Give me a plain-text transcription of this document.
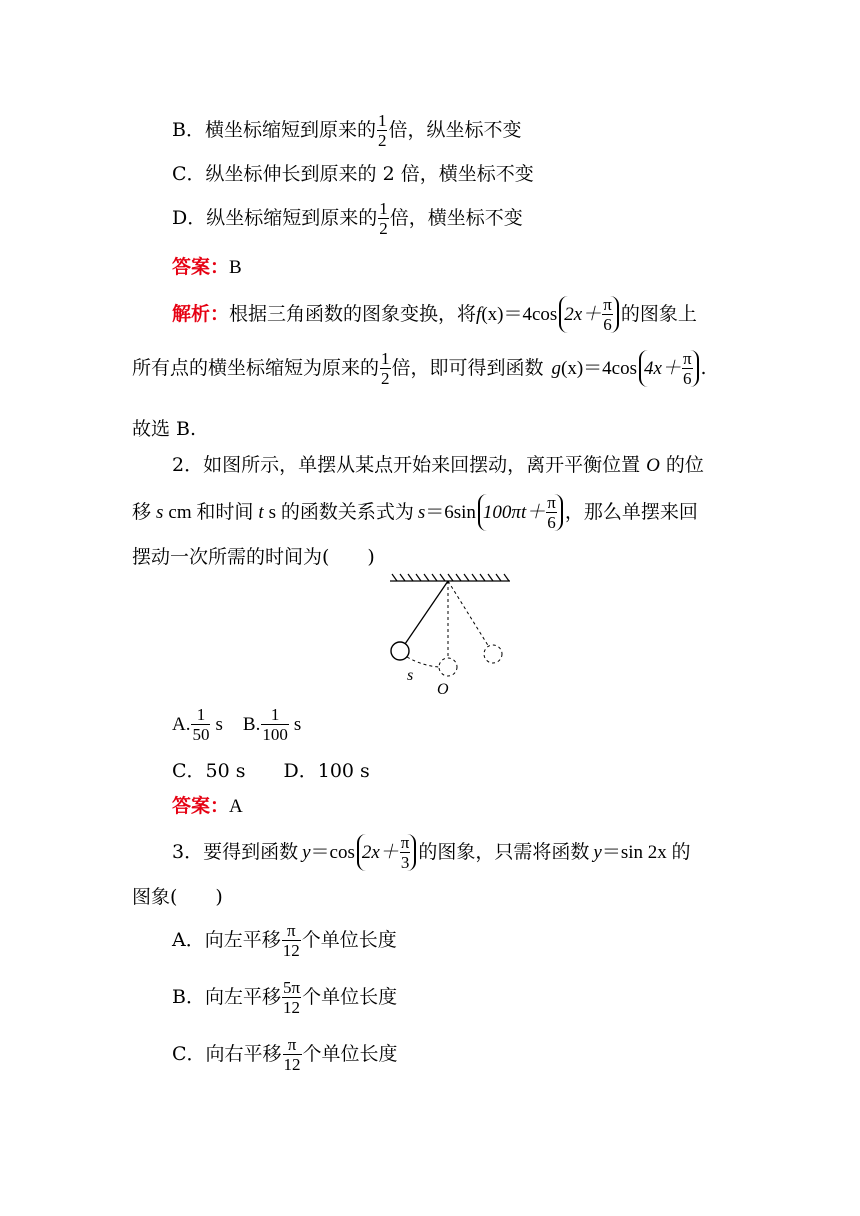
B．横坐标缩短到原来的 $\frac{1}{2}$ 倍，纵坐标不变
C．纵坐标伸长到原来的 2 倍，横坐标不变
D．纵坐标缩短到原来的 $\frac{1}{2}$ 倍，横坐标不变
答案： B
解析： 根据三角函数的图象变换，将 f (x)＝4cos $2x+ \frac{\pi}{6}$ 的图象上
所有点的横坐标缩短为原来的 $\frac{1}{2}$ 倍，即可得到函数 g (x)＝4cos $4x+ \frac{\pi}{6}$ .
故选 B.
2．如图所示，单摆从某点开始来回摆动，离开平衡位置 O 的位
移 s cm 和时间 t s 的函数关系式为 s ＝6sin $100\pi t+ \frac{\pi}{6}$ ，那么单摆来回
摆动一次所需的时间为(　　)
s
O
A. $\frac{1}{50}$ s B. $\frac{1}{100}$ s
C．50 s　　D．100 s
答案： A
3．要得到函数 y ＝cos $2x+ \frac{\pi}{3}$ 的图象，只需将函数 y ＝sin 2x 的
图象(　　)
A．向左平移 $\frac{\pi}{12}$ 个单位长度
B．向左平移 $\frac{5\pi}{12}$ 个单位长度
C．向右平移 $\frac{\pi}{12}$ 个单位长度
